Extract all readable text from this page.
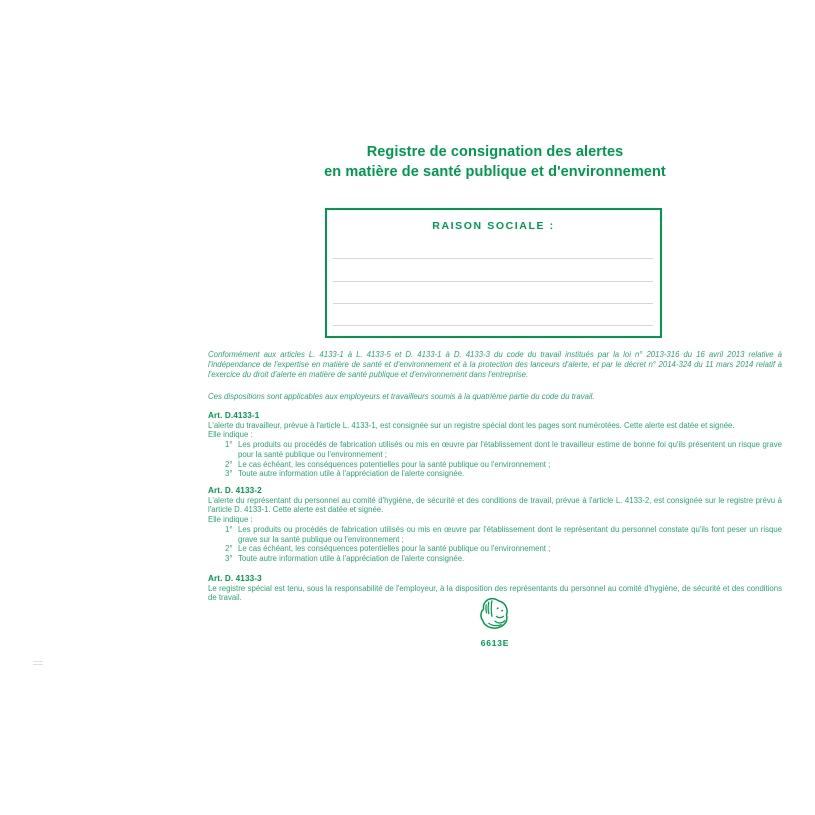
Registre de consignation des alertes
en matière de santé publique et d'environnement
RAISON SOCIALE :
Conformément aux articles L. 4133-1 à L. 4133-5 et D. 4133-1 à D. 4133-3 du code du travail institués par la loi n° 2013-316 du 16 avril 2013 relative à l'indépendance de l'expertise en matière de santé et d'environnement et à la protection des lanceurs d'alerte, et par le décret n° 2014-324 du 11 mars 2014 relatif à l'exercice du droit d'alerte en matière de santé publique et d'environnement dans l'entreprise.
Ces dispositions sont applicables aux employeurs et travailleurs soumis à la quatrième partie du code du travail.
Art. D.4133-1
L'alerte du travailleur, prévue à l'article L. 4133-1, est consignée sur un registre spécial dont les pages sont numérotées. Cette alerte est datée et signée.
Elle indique :
1° Les produits ou procédés de fabrication utilisés ou mis en œuvre par l'établissement dont le travailleur estime de bonne foi qu'ils présentent un risque grave pour la santé publique ou l'environnement ;
2° Le cas échéant, les conséquences potentielles pour la santé publique ou l'environnement ;
3° Toute autre information utile à l'appréciation de l'alerte consignée.
Art. D. 4133-2
L'alerte du représentant du personnel au comité d'hygiène, de sécurité et des conditions de travail, prévue à l'article L. 4133-2, est consignée sur le registre prévu à l'article D. 4133-1. Cette alerte est datée et signée.
Elle indique :
1° Les produits ou procédés de fabrication utilisés ou mis en œuvre par l'établissement dont le représentant du personnel constate qu'ils font peser un risque grave sur la santé publique ou l'environnement ;
2° Le cas échéant, les conséquences potentielles pour la santé publique ou l'environnement ;
3° Toute autre information utile à l'appréciation de l'alerte consignée.
Art. D. 4133-3
Le registre spécial est tenu, sous la responsabilité de l'employeur, à la disposition des représentants du personnel au comité d'hygiène, de sécurité et des conditions de travail.
6613E
